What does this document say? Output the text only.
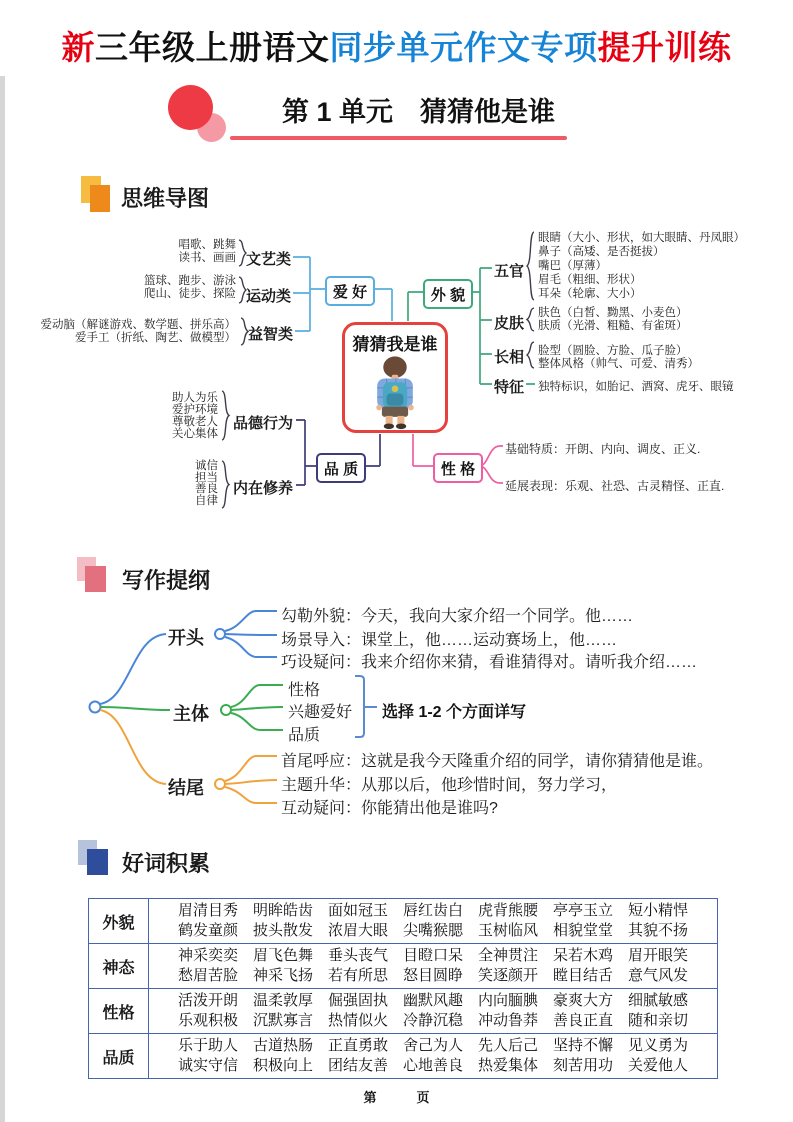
新三年级上册语文同步单元作文专项提升训练
第 1 单元　猜猜他是谁
思维导图
唱歌、跳舞
读书、画画 文艺类
篮球、跑步、游泳
爬山、徒步、探险 运动类
爱动脑（解谜游戏、数学题、拼乐高）
爱手工（折纸、陶艺、做模型） 益智类
爱 好	外 貌
五官
眼睛（大小、形状，如大眼睛、丹凤眼）
鼻子（高矮、是否挺拔）
嘴巴（厚薄）
眉毛（粗细、形状）
耳朵（轮廓、大小）
皮肤
肤色（白皙、黝黑、小麦色）
肤质（光滑、粗糙、有雀斑）
长相 脸型（圆脸、方脸、瓜子脸）
整体风格（帅气、可爱、清秀）
特征 独特标识，如胎记、酒窝、虎牙、眼镜
助人为乐
爱护环境
尊敬老人
关心集体
品德行为
诚信
担当
善良
自律
内在修养
品 质	性 格
基础特质：开朗、内向、调皮、正义.
延展表现：乐观、社恐、古灵精怪、正直.
猜猜我是谁
写作提纲
开头
勾勒外貌：今天，我向大家介绍一个同学。他……
场景导入：课堂上，他……运动赛场上，他……
巧设疑问：我来介绍你来猜，看谁猜得对。请听我介绍……
主体
性格
兴趣爱好
品质
选择 1-2 个方面详写
结尾
首尾呼应：这就是我今天隆重介绍的同学，请你猜猜他是谁。
主题升华：从那以后，他珍惜时间，努力学习，
互动疑问：你能猜出他是谁吗?
好词积累
外貌	眉清目秀　明眸皓齿　面如冠玉　唇红齿白　虎背熊腰　亭亭玉立　短小精悍
鹤发童颜　披头散发　浓眉大眼　尖嘴猴腮　玉树临风　相貌堂堂　其貌不扬

神态	神采奕奕　眉飞色舞　垂头丧气　目瞪口呆　全神贯注　呆若木鸡　眉开眼笑
愁眉苦脸　神采飞扬　若有所思　怒目圆睁　笑逐颜开　瞠目结舌　意气风发

性格	活泼开朗　温柔敦厚　倔强固执　幽默风趣　内向腼腆　豪爽大方　细腻敏感
乐观积极　沉默寡言　热情似火　冷静沉稳　冲动鲁莽　善良正直　随和亲切

品质	乐于助人　古道热肠　正直勇敢　舍己为人　先人后己　坚持不懈　见义勇为
诚实守信　积极向上　团结友善　心地善良　热爱集体　刻苦用功　关爱他人
第	页
